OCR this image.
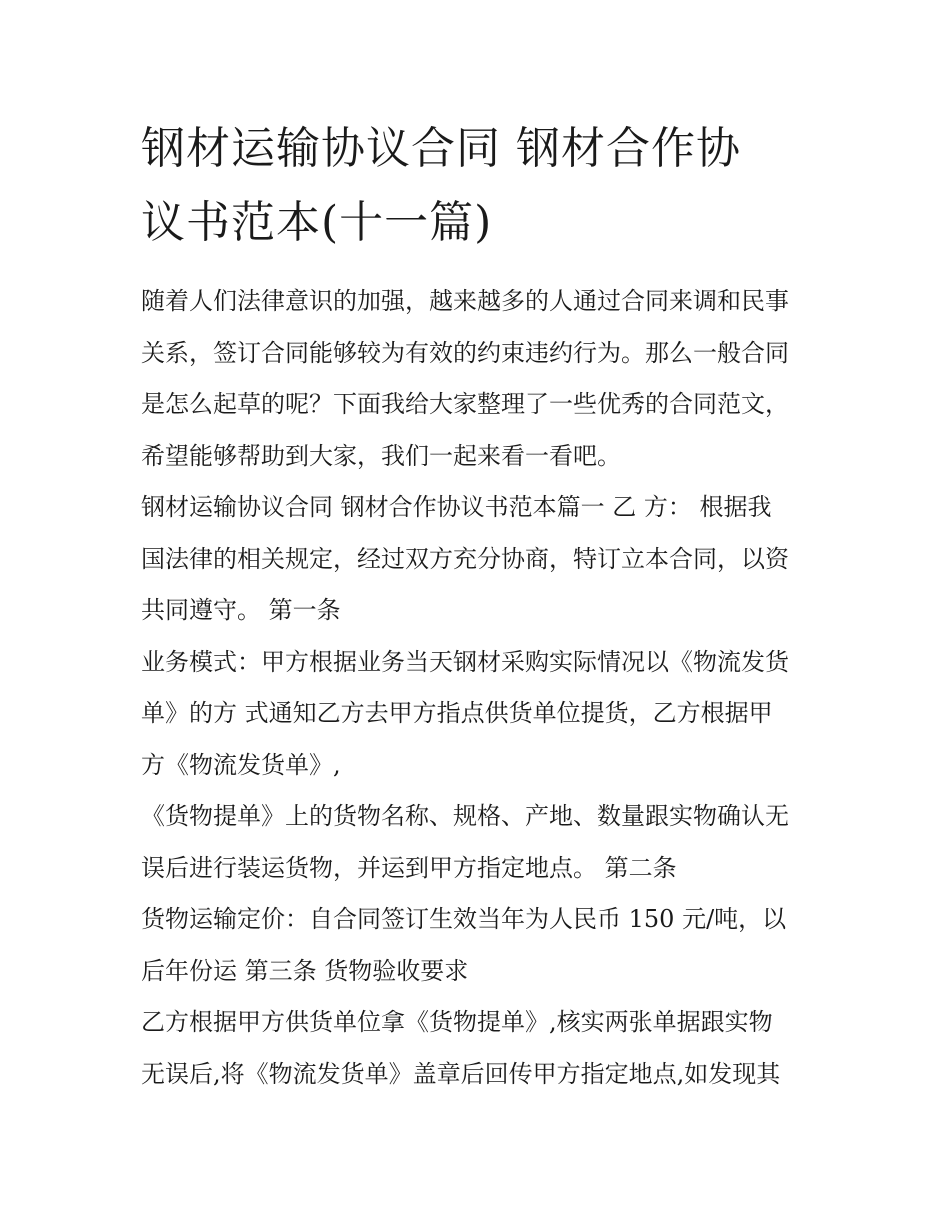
钢材运输协议合同 钢材合作协
议书范本(十一篇)
随着人们法律意识的加强，越来越多的人通过合同来调和民事
关系，签订合同能够较为有效的约束违约行为。那么一般合同
是怎么起草的呢？下面我给大家整理了一些优秀的合同范文，
希望能够帮助到大家，我们一起来看一看吧。
钢材运输协议合同 钢材合作协议书范本篇一 乙 方： 根据我
国法律的相关规定，经过双方充分协商，特订立本合同，以资
共同遵守。 第一条
业务模式：甲方根据业务当天钢材采购实际情况以《物流发货
单》的方 式通知乙方去甲方指点供货单位提货，乙方根据甲
方《物流发货单》,
《货物提单》上的货物名称、规格、产地、数量跟实物确认无
误后进行装运货物，并运到甲方指定地点。 第二条
货物运输定价：自合同签订生效当年为人民币 150 元/吨，以
后年份运 第三条 货物验收要求
乙方根据甲方供货单位拿《货物提单》,核实两张单据跟实物
无误后,将《物流发货单》盖章后回传甲方指定地点,如发现其
